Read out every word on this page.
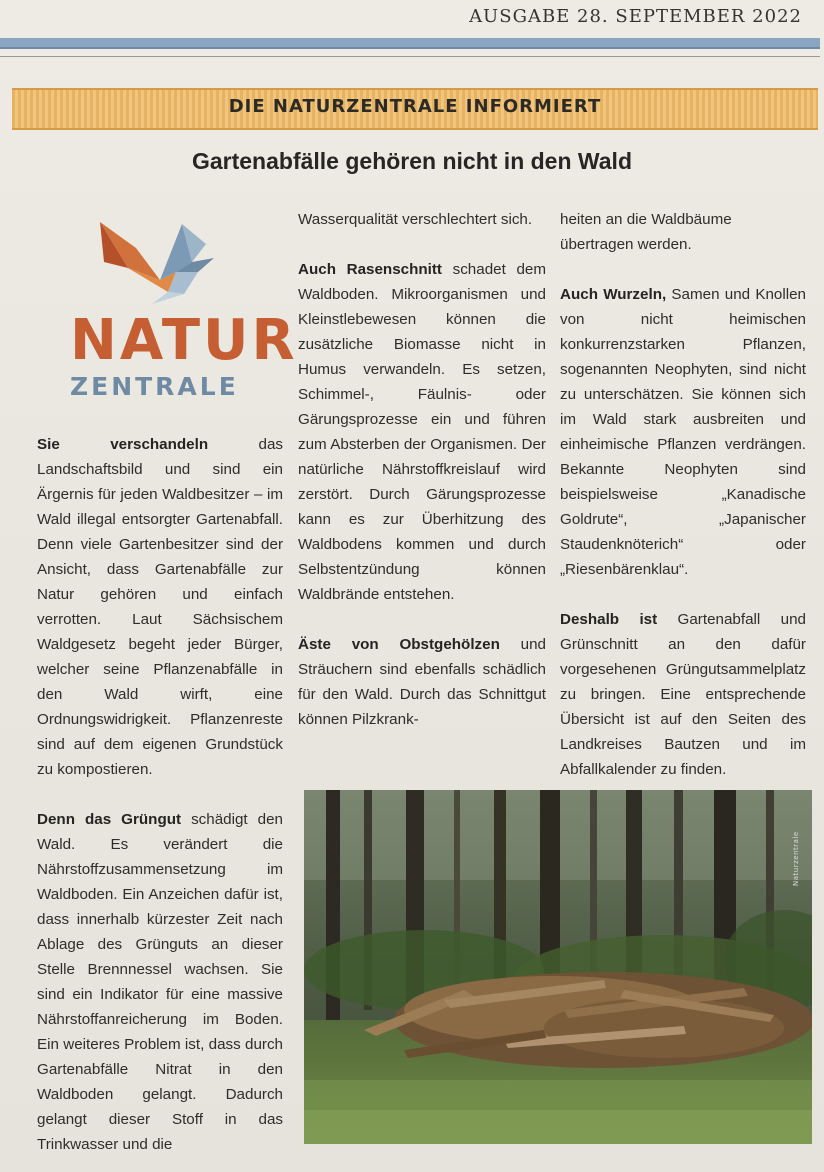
AUSGABE 28. SEPTEMBER 2022
DIE NATURZENTRALE INFORMIERT
Gartenabfälle gehören nicht in den Wald
NATUR
ZENTRALE

Sie verschandeln das Landschaftsbild und sind ein Ärgernis für jeden Waldbesitzer – im Wald illegal entsorgter Gartenabfall. Denn viele Gartenbesitzer sind der Ansicht, dass Gartenabfälle zur Natur gehören und einfach verrotten. Laut Sächsischem Waldgesetz begeht jeder Bürger, welcher seine Pflanzenabfälle in den Wald wirft, eine Ordnungswidrigkeit. Pflanzenreste sind auf dem eigenen Grundstück zu kompostieren.

Denn das Grüngut schädigt den Wald. Es verändert die Nährstoffzusammensetzung im Waldboden. Ein Anzeichen dafür ist, dass innerhalb kürzester Zeit nach Ablage des Grünguts an dieser Stelle Brennnessel wachsen. Sie sind ein Indikator für eine massive Nährstoffanreicherung im Boden. Ein weiteres Problem ist, dass durch Gartenabfälle Nitrat in den Waldboden gelangt. Dadurch gelangt dieser Stoff in das Trinkwasser und die

Wasserqualität verschlechtert sich.

Auch Rasenschnitt schadet dem Waldboden. Mikroorganismen und Kleinstlebewesen können die zusätzliche Biomasse nicht in Humus verwandeln. Es setzen, Schimmel-, Fäulnis- oder Gärungsprozesse ein und führen zum Absterben der Organismen. Der natürliche Nährstoffkreislauf wird zerstört. Durch Gärungsprozesse kann es zur Überhitzung des Waldbodens kommen und durch Selbstentzündung können Waldbrände entstehen.

Äste von Obstgehölzen und Sträuchern sind ebenfalls schädlich für den Wald. Durch das Schnittgut können Pilzkrank-

heiten an die Waldbäume übertragen werden.

Auch Wurzeln, Samen und Knollen von nicht heimischen konkurrenzstarken Pflanzen, sogenannten Neophyten, sind nicht zu unterschätzen. Sie können sich im Wald stark ausbreiten und einheimische Pflanzen verdrängen. Bekannte Neophyten sind beispielsweise „Kanadische Goldrute“, „Japanischer Staudenknöterich“ oder „Riesenbärenklau“.

Deshalb ist Gartenabfall und Grünschnitt an den dafür vorgesehenen Grüngutsammelplatz zu bringen. Eine entsprechende Übersicht ist auf den Seiten des Landkreises Bautzen und im Abfallkalender zu finden.

Naturzentrale
